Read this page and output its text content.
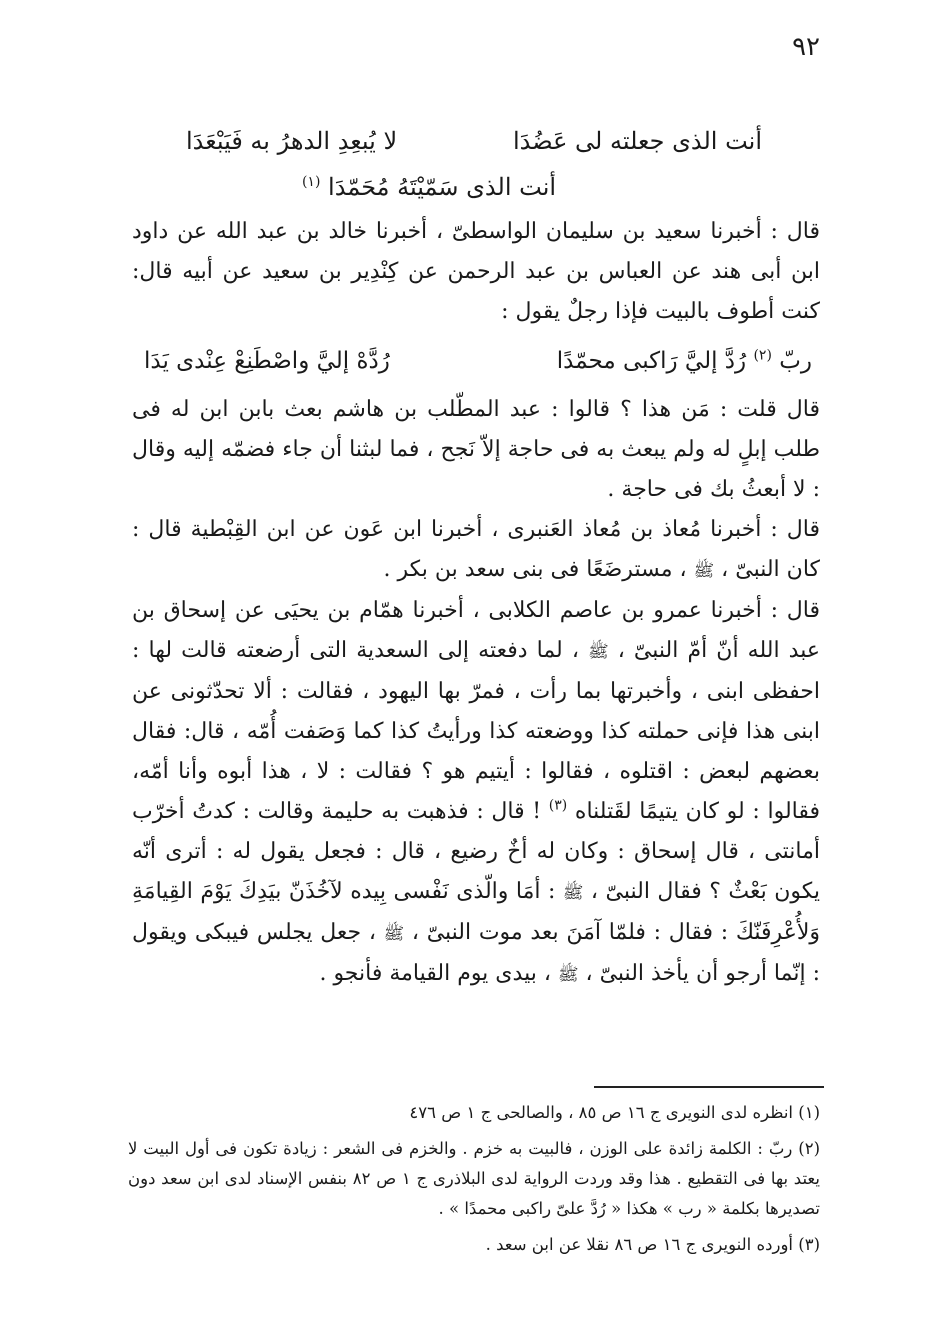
٩٢
أنت الذى جعلته لى عَضُدَا
لا يُبعِدِ الدهرُ به فَيَبْعَدَا
أنت الذى سَمّيْتَهُ مُحَمّدَا $^{(١)}$

قال : أخبرنا سعيد بن سليمان الواسطىّ ، أخبرنا خالد بن عبد الله عن داود ابن أبى هند عن العباس بن عبد الرحمن عن كِنْدِير بن سعيد عن أبيه قال: كنت أطوف بالبيت فإذا رجلٌ يقول :

ربّ $^{(٢)}$ رُدَّ إليَّ رَاكبى محمّدًا
رُدَّهْ إليَّ واصْطَنِعْ عِنْدى يَدَا

قال قلت : مَن هذا ؟ قالوا : عبد المطّلب بن هاشم بعث بابن ابن له فى طلب إبلٍ له ولم يبعث به فى حاجة إلاّ نَجح ، فما لبثنا أن جاء فضمّه إليه وقال : لا أبعثُ بك فى حاجة .

قال : أخبرنا مُعاذ بن مُعاذ العَنبرى ، أخبرنا ابن عَون عن ابن القِبْطية قال : كان النبىّ ، ﷺ ، مسترضَعًا فى بنى سعد بن بكر .

قال : أخبرنا عمرو بن عاصم الكلابى ، أخبرنا همّام بن يحيَى عن إسحاق بن عبد الله أنّ أمّ النبىّ ، ﷺ ، لما دفعته إلى السعدية التى أرضعته قالت لها : احفظى ابنى ، وأخبرتها بما رأت ، فمرّ بها اليهود ، فقالت : ألا تحدّثونى عن ابنى هذا فإنى حملته كذا ووضعته كذا ورأيتُ كذا كما وَصَفت أُمّه ، قال: فقال بعضهم لبعض : اقتلوه ، فقالوا : أيتيم هو ؟ فقالت : لا ، هذا أبوه وأنا أمّه، فقالوا : لو كان يتيمًا لقَتلناه $^{(٣)}$ ! قال : فذهبت به حليمة وقالت : كدتُ أخرّب أمانتى ، قال إسحاق : وكان له أخٌ رضيع ، قال : فجعل يقول له : أترى أنّه يكون بَعْثٌ ؟ فقال النبىّ ، ﷺ : أمَا والّذى نَفْسى بِيده لآخُذَنّ بيَدِكَ يَوْمَ القِيامَةِ وَلأُعْرِفَنّكَ : فقال : فلمّا آمَنَ بعد موت النبىّ ، ﷺ ، جعل يجلس فيبكى ويقول : إنّما أرجو أن يأخذ النبىّ ، ﷺ ، بيدى يوم القيامة فأنجو .

(١) انظره لدى النويرى ج ١٦ ص ٨٥ ، والصالحى ج ١ ص ٤٧٦

(٢) ربّ : الكلمة زائدة على الوزن ، فالبيت به خزم . والخزم فى الشعر : زيادة تكون فى أول البيت لا يعتد بها فى التقطيع . هذا وقد وردت الرواية لدى البلاذرى ج ١ ص ٨٢ بنفس الإسناد لدى ابن سعد دون تصديرها بكلمة « رب » هكذا « رُدَّ علىّ راكبى محمدًا » .

(٣) أورده النويرى ج ١٦ ص ٨٦ نقلا عن ابن سعد .
